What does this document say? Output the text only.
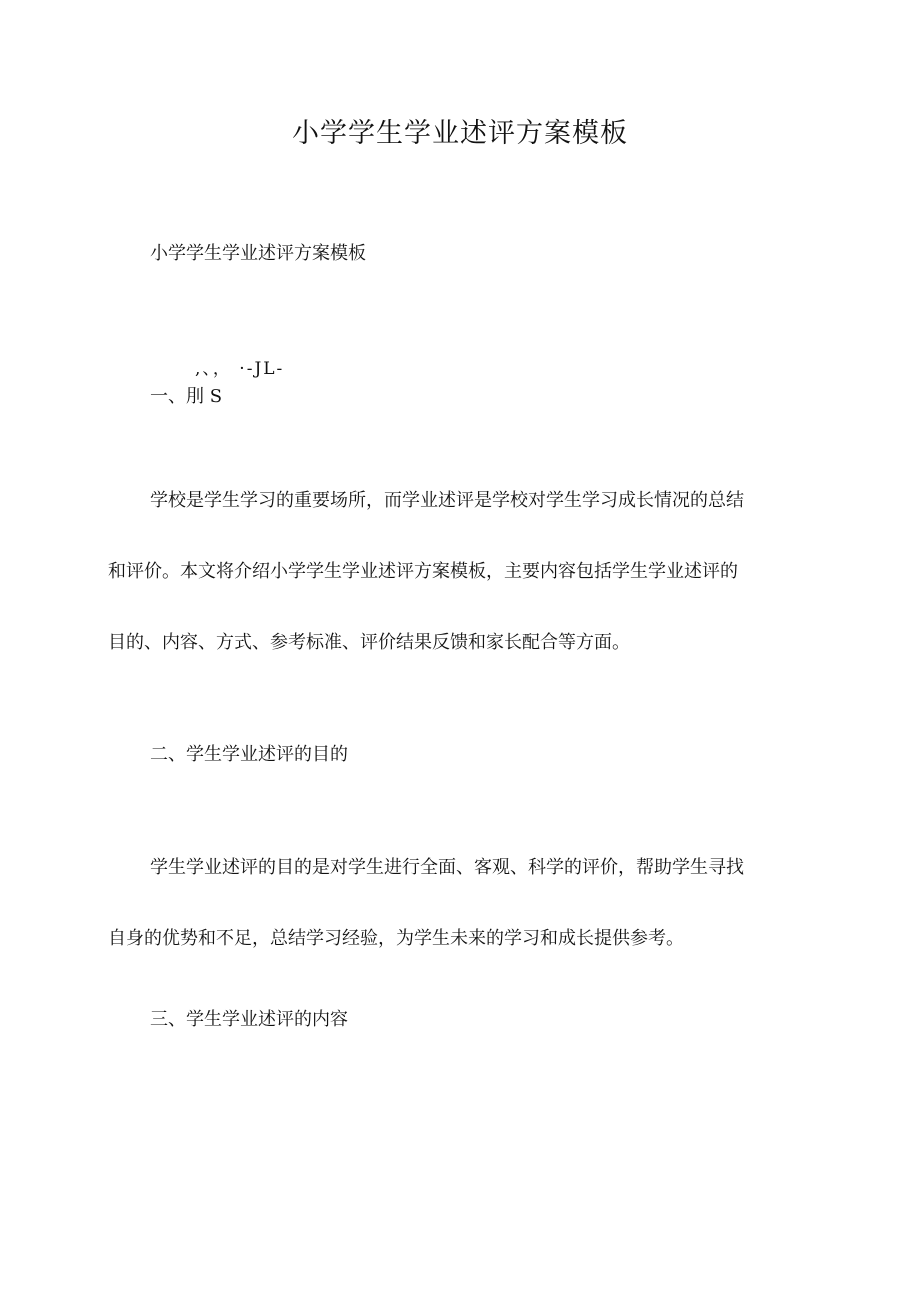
小学学生学业述评方案模板

小学学生学业述评方案模板

,、， ·-JL-

一、刖 S

学校是学生学习的重要场所，而学业述评是学校对学生学习成长情况的总结

和评价。本文将介绍小学学生学业述评方案模板，主要内容包括学生学业述评的

目的、内容、方式、参考标准、评价结果反馈和家长配合等方面。

二、学生学业述评的目的

学生学业述评的目的是对学生进行全面、客观、科学的评价，帮助学生寻找

自身的优势和不足，总结学习经验，为学生未来的学习和成长提供参考。

三、学生学业述评的内容
